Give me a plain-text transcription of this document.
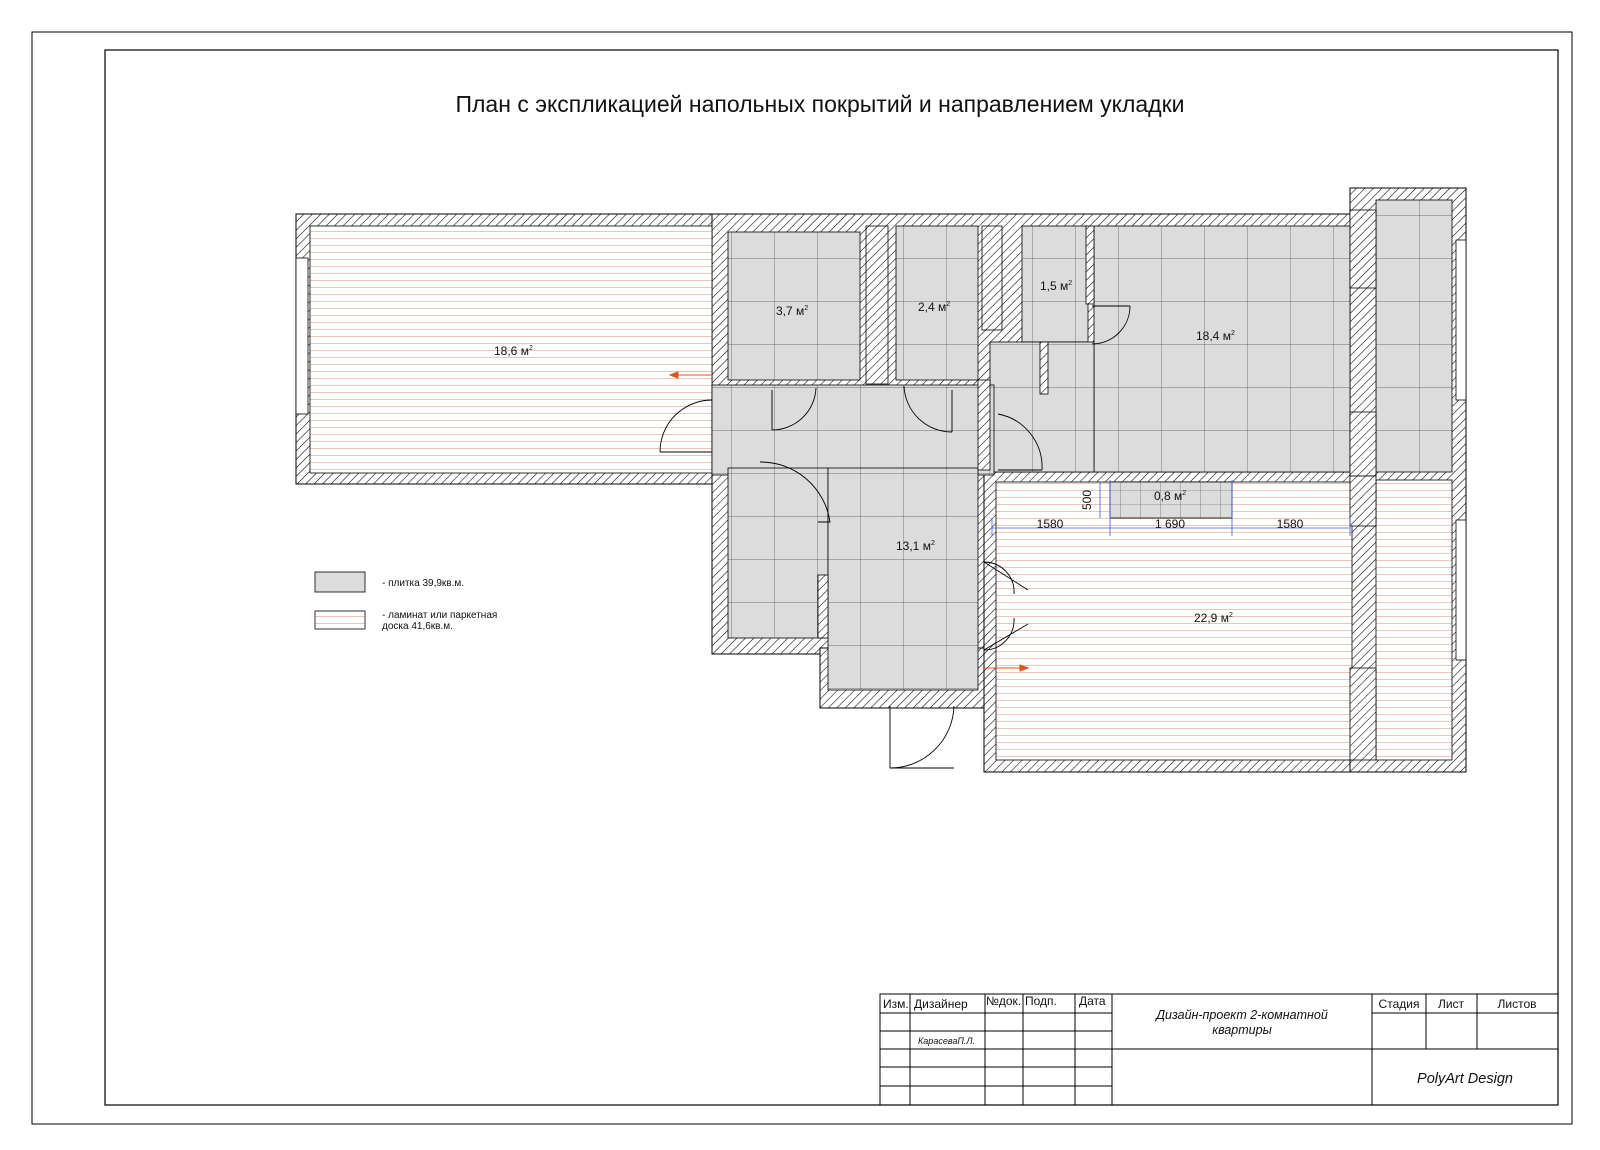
План с экспликацией напольных покрытий и направлением укладки
18,6 $м^2$
3,7 $м^2$	2,4 $м^2$
1,5 $м^2$
18,4 $м^2$
13,1 $м^2$
0,8 $м^2$
22,9 $м^2$
1580	1 690	1580
500
- плитка 39,9кв.м.
- ламинат или паркетная
доска 41,6кв.м.
Изм. Дизайнер №док. Подп. Дата
КарасеваП.Л.
Дизайн-проект 2-комнатной
квартиры
Стадия Лист	Листов
PolyArt Design
